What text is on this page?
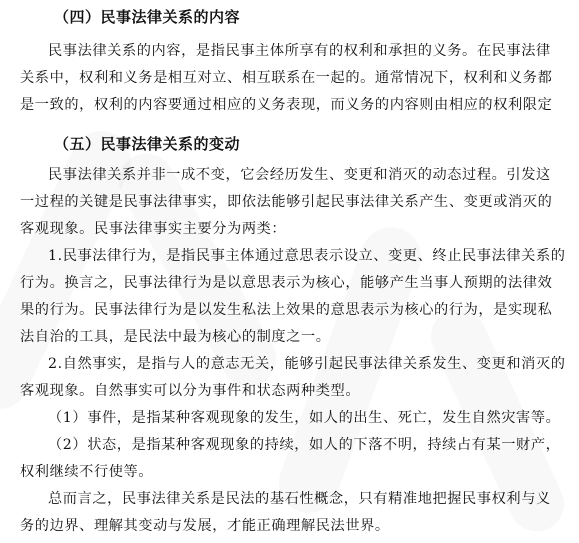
（四）民事法律关系的内容
民事法律关系的内容，是指民事主体所享有的权利和承担的义务。在民事法律
关系中，权利和义务是相互对立、相互联系在一起的。通常情况下，权利和义务都
是一致的，权利的内容要通过相应的义务表现，而义务的内容则由相应的权利限定
（五）民事法律关系的变动
民事法律关系并非一成不变，它会经历发生、变更和消灭的动态过程。引发这
一过程的关键是民事法律事实，即依法能够引起民事法律关系产生、变更或消灭的
客观现象。民事法律事实主要分为两类：
1.民事法律行为，是指民事主体通过意思表示设立、变更、终止民事法律关系的
行为。换言之，民事法律行为是以意思表示为核心，能够产生当事人预期的法律效
果的行为。民事法律行为是以发生私法上效果的意思表示为核心的行为，是实现私
法自治的工具，是民法中最为核心的制度之一。
2.自然事实，是指与人的意志无关，能够引起民事法律关系发生、变更和消灭的
客观现象。自然事实可以分为事件和状态两种类型。
（1）事件，是指某种客观现象的发生，如人的出生、死亡，发生自然灾害等。
（2）状态，是指某种客观现象的持续，如人的下落不明，持续占有某一财产，
权利继续不行使等。
总而言之，民事法律关系是民法的基石性概念，只有精准地把握民事权利与义
务的边界、理解其变动与发展，才能正确理解民法世界。
